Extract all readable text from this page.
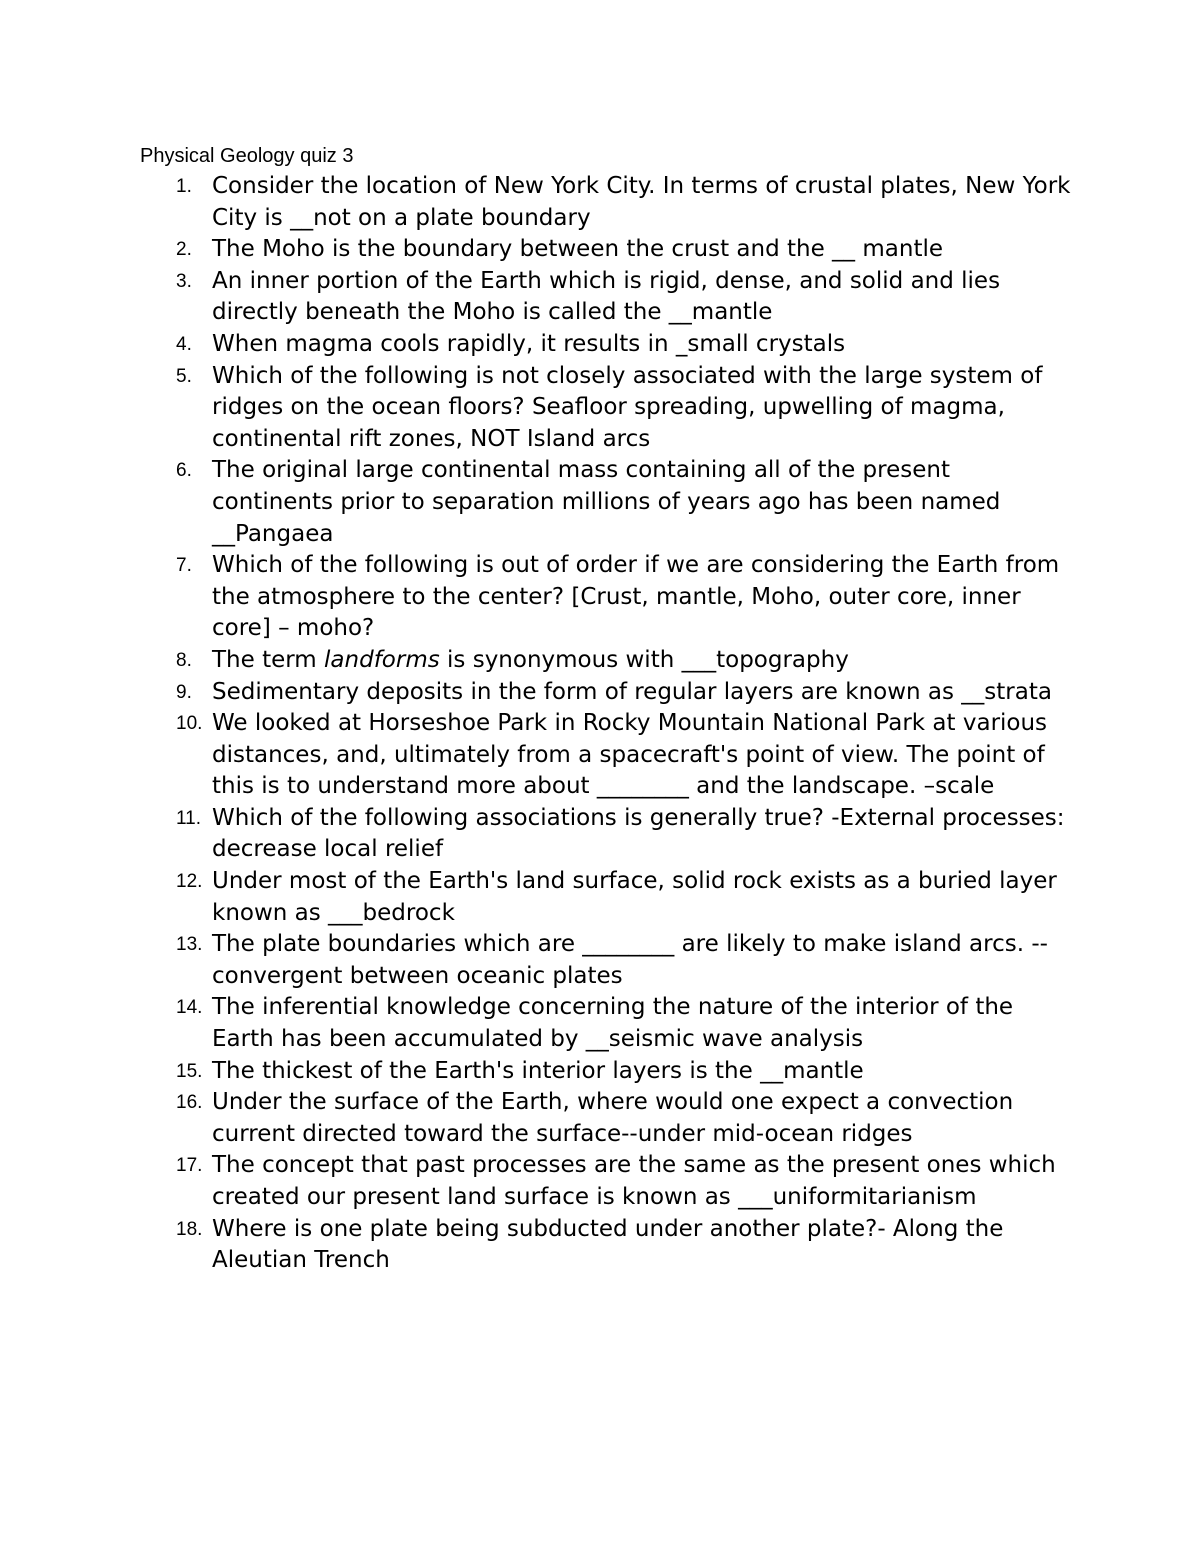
Physical Geology quiz 3
1. Consider the location of New York City. In terms of crustal plates, New York City is __not on a plate boundary
2. The Moho is the boundary between the crust and the __ mantle
3. An inner portion of the Earth which is rigid, dense, and solid and lies directly beneath the Moho is called the __mantle
4. When magma cools rapidly, it results in _small crystals
5. Which of the following is not closely associated with the large system of ridges on the ocean floors? Seafloor spreading, upwelling of magma, continental rift zones, NOT Island arcs
6. The original large continental mass containing all of the present continents prior to separation millions of years ago has been named __Pangaea
7. Which of the following is out of order if we are considering the Earth from the atmosphere to the center? [Crust, mantle, Moho, outer core, inner core] – moho?
8. The term landforms is synonymous with ___topography
9. Sedimentary deposits in the form of regular layers are known as __strata
10. We looked at Horseshoe Park in Rocky Mountain National Park at various distances, and, ultimately from a spacecraft's point of view. The point of this is to understand more about ________ and the landscape. –scale
11. Which of the following associations is generally true? -External processes: decrease local relief
12. Under most of the Earth's land surface, solid rock exists as a buried layer known as ___bedrock
13. The plate boundaries which are ________ are likely to make island arcs. --convergent between oceanic plates
14. The inferential knowledge concerning the nature of the interior of the Earth has been accumulated by __seismic wave analysis
15. The thickest of the Earth's interior layers is the __mantle
16. Under the surface of the Earth, where would one expect a convection current directed toward the surface--under mid-ocean ridges
17. The concept that past processes are the same as the present ones which created our present land surface is known as ___uniformitarianism
18. Where is one plate being subducted under another plate?- Along the Aleutian Trench
